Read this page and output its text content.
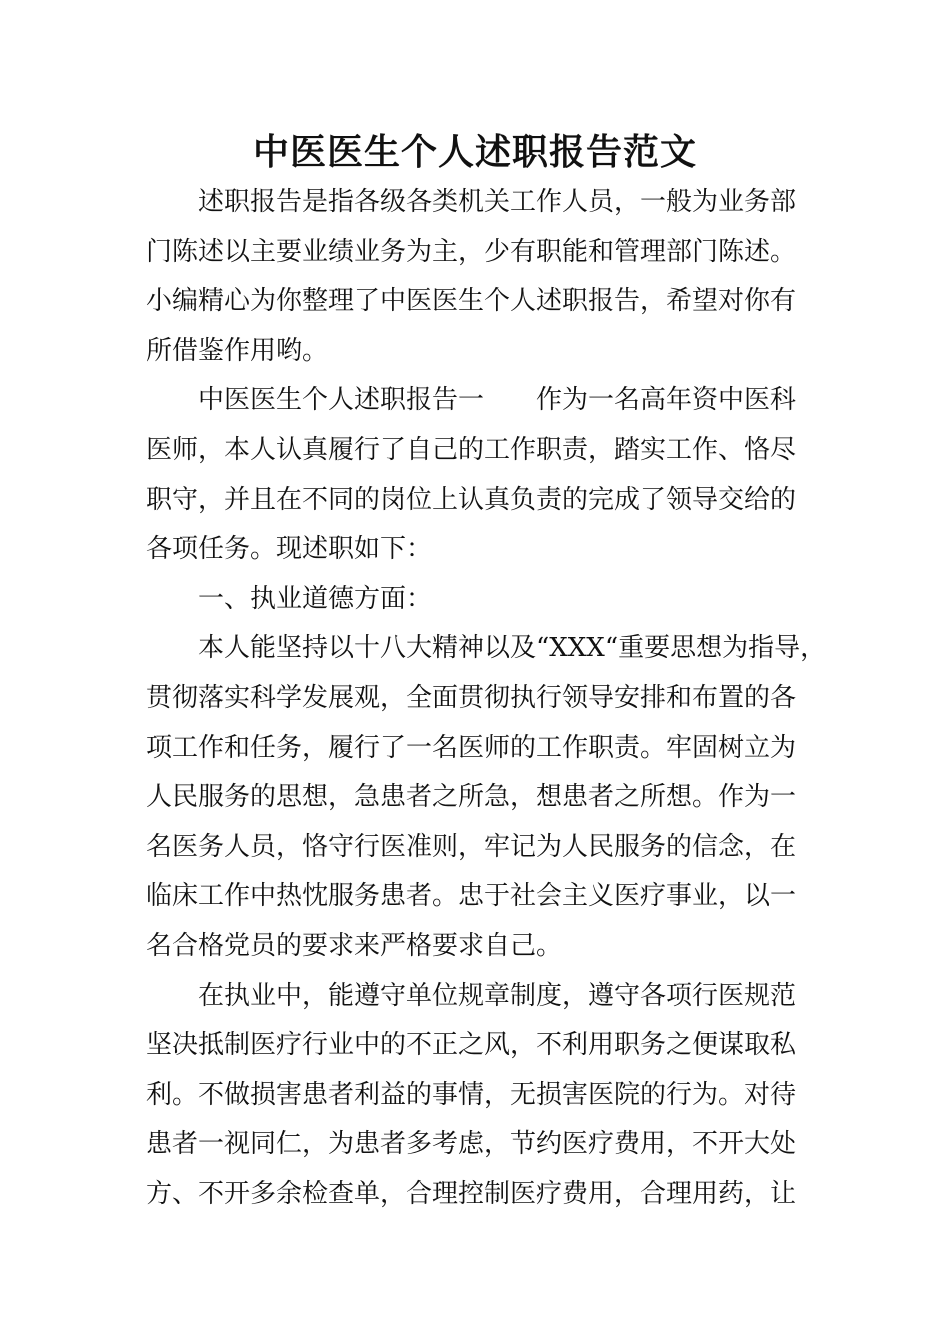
中医医生个人述职报告范文

述职报告是指各级各类机关工作人员，一般为业务部
门陈述以主要业绩业务为主，少有职能和管理部门陈述。
小编精心为你整理了中医医生个人述职报告，希望对你有
所借鉴作用哟。

中医医生个人述职报告一 作为一名高年资中医科
医师，本人认真履行了自己的工作职责，踏实工作、恪尽
职守，并且在不同的岗位上认真负责的完成了领导交给的
各项任务。现述职如下：

一、执业道德方面：

本人能坚持以十八大精神以及“XXX“重要思想为指导，
贯彻落实科学发展观，全面贯彻执行领导安排和布置的各
项工作和任务，履行了一名医师的工作职责。牢固树立为
人民服务的思想，急患者之所急，想患者之所想。作为一
名医务人员，恪守行医准则，牢记为人民服务的信念，在
临床工作中热忱服务患者。忠于社会主义医疗事业，以一
名合格党员的要求来严格要求自己。

在执业中，能遵守单位规章制度，遵守各项行医规范
坚决抵制医疗行业中的不正之风，不利用职务之便谋取私
利。不做损害患者利益的事情，无损害医院的行为。对待
患者一视同仁，为患者多考虑，节约医疗费用，不开大处
方、不开多余检查单，合理控制医疗费用，合理用药，让
